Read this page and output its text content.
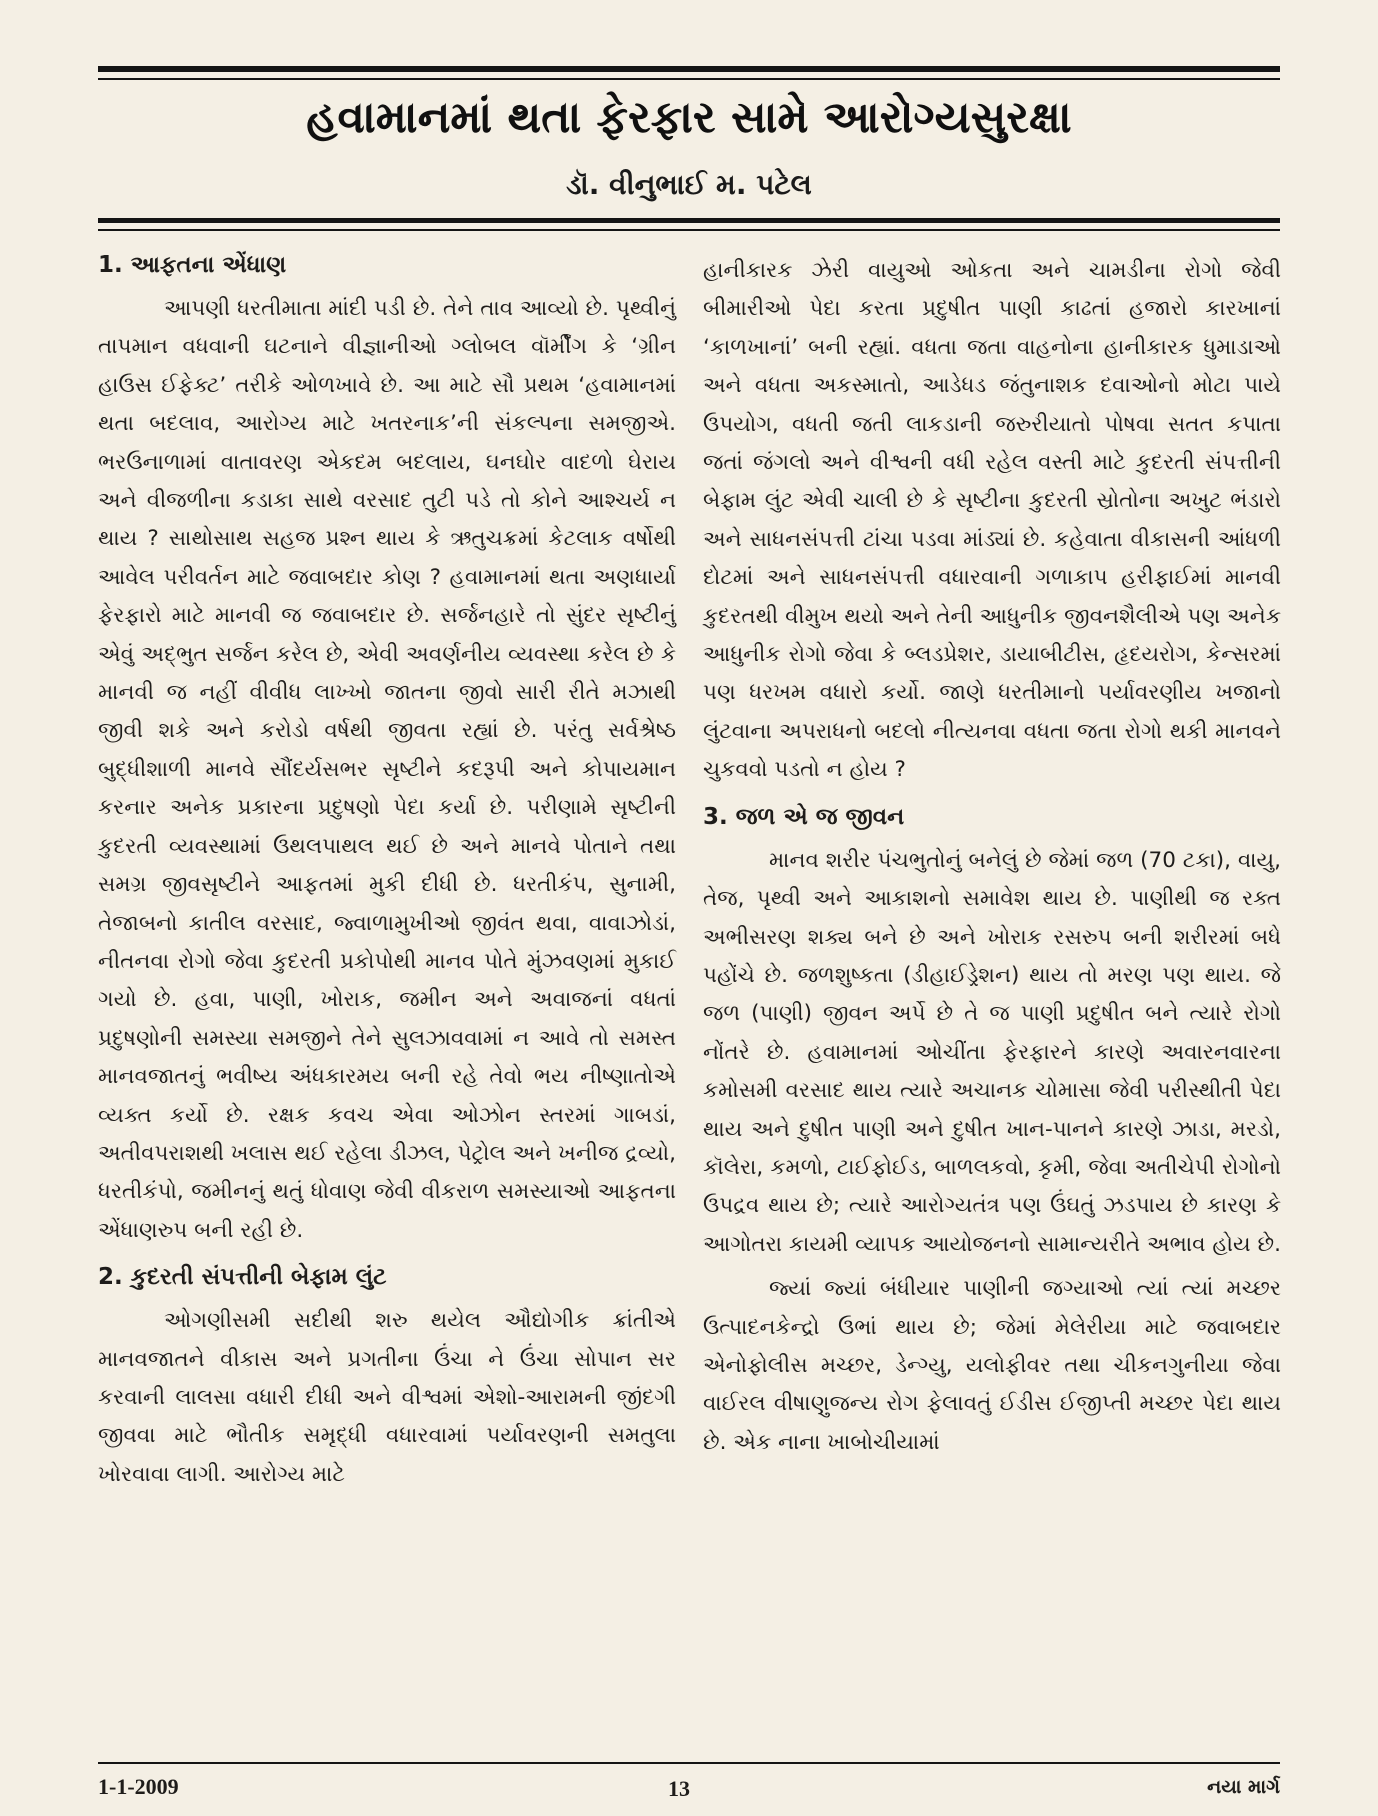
હવામાનમાં થતા ફેરફાર સામે આરોગ્યસુરક્ષા
ડૉ. વીનુભાઈ મ. પટેલ
1. આફતના એંધાણ

આપણી ધરતીમાતા માંદી પડી છે. તેને તાવ આવ્યો છે. પૃથ્વીનું તાપમાન વધવાની ઘટનાને વીજ્ઞાનીઓ ગ્લોબલ વૉર્મીંગ કે ‘ગ્રીન હાઉસ ઈફેક્ટ’ તરીકે ઓળખાવે છે. આ માટે સૌ પ્રથમ ‘હવામાનમાં થતા બદલાવ, આરોગ્ય માટે ખતરનાક’ની સંકલ્પના સમજીએ. ભરઉનાળામાં વાતાવરણ એકદમ બદલાય, ઘનઘોર વાદળો ઘેરાય અને વીજળીના કડાકા સાથે વરસાદ તુટી પડે તો કોને આશ્ચર્ય ન થાય ? સાથોસાથ સહજ પ્રશ્ન થાય કે ઋતુચક્રમાં કેટલાક વર્ષોથી આવેલ પરીવર્તન માટે જવાબદાર કોણ ? હવામાનમાં થતા અણધાર્યા ફેરફારો માટે માનવી જ જવાબદાર છે. સર્જનહારે તો સુંદર સૃષ્ટીનું એવું અદ્ભુત સર્જન કરેલ છે, એવી અવર્ણનીય વ્યવસ્થા કરેલ છે કે માનવી જ નહીં વીવીધ લાખ્ખો જાતના જીવો સારી રીતે મઝાથી જીવી શકે અને કરોડો વર્ષથી જીવતા રહ્યાં છે. પરંતુ સર્વશ્રેષ્ઠ બુદ્ધીશાળી માનવે સૌંદર્યસભર સૃષ્ટીને કદરૂપી અને કોપાયમાન કરનાર અનેક પ્રકારના પ્રદુષણો પેદા કર્યા છે. પરીણામે સૃષ્ટીની કુદરતી વ્યવસ્થામાં ઉથલપાથલ થઈ છે અને માનવે પોતાને તથા સમગ્ર જીવસૃષ્ટીને આફતમાં મુકી દીધી છે. ધરતીકંપ, સુનામી, તેજાબનો કાતીલ વરસાદ, જ્વાળામુખીઓ જીવંત થવા, વાવાઝોડાં, નીતનવા રોગો જેવા કુદરતી પ્રકોપોથી માનવ પોતે મુંઝવણમાં મુકાઈ ગયો છે. હવા, પાણી, ખોરાક, જમીન અને અવાજનાં વધતાં પ્રદુષણોની સમસ્યા સમજીને તેને સુલઝાવવામાં ન આવે તો સમસ્ત માનવજાતનું ભવીષ્ય અંધકારમય બની રહે તેવો ભય નીષ્ણાતોએ વ્યક્ત કર્યો છે. રક્ષક કવચ એવા ઓઝોન સ્તરમાં ગાબડાં, અતીવપરાશથી ખલાસ થઈ રહેલા ડીઝલ, પેટ્રોલ અને ખનીજ દ્રવ્યો, ધરતીકંપો, જમીનનું થતું ધોવાણ જેવી વીકરાળ સમસ્યાઓ આફતના એંધાણરુપ બની રહી છે.

2. કુદરતી સંપત્તીની બેફામ લુંટ

ઓગણીસમી સદીથી શરુ થયેલ ઔદ્યોગીક ક્રાંતીએ માનવજાતને વીકાસ અને પ્રગતીના ઉંચા ને ઉંચા સોપાન સર કરવાની લાલસા વધારી દીધી અને વીશ્વમાં એશો-આરામની જીંદગી જીવવા માટે ભૌતીક સમૃદ્ધી વધારવામાં પર્યાવરણની સમતુલા ખોરવાવા લાગી. આરોગ્ય માટે

હાનીકારક ઝેરી વાયુઓ ઓકતા અને ચામડીના રોગો જેવી બીમારીઓ પેદા કરતા પ્રદુષીત પાણી કાઢતાં હજારો કારખાનાં ‘કાળખાનાં’ બની રહ્યાં. વધતા જતા વાહનોના હાનીકારક ધુમાડાઓ અને વધતા અકસ્માતો, આડેધડ જંતુનાશક દવાઓનો મોટા પાયે ઉપયોગ, વધતી જતી લાકડાની જરુરીયાતો પોષવા સતત કપાતા જતાં જંગલો અને વીશ્વની વધી રહેલ વસ્તી માટે કુદરતી સંપત્તીની બેફામ લુંટ એવી ચાલી છે કે સૃષ્ટીના કુદરતી સ્રોતોના અખુટ ભંડારો અને સાધનસંપત્તી ટાંચા પડવા માંડ્યાં છે. કહેવાતા વીકાસની આંધળી દોટમાં અને સાધનસંપત્તી વધારવાની ગળાકાપ હરીફાઈમાં માનવી કુદરતથી વીમુખ થયો અને તેની આધુનીક જીવનશૈલીએ પણ અનેક આધુનીક રોગો જેવા કે બ્લડપ્રેશર, ડાયાબીટીસ, હૃદયરોગ, કેન્સરમાં પણ ધરખમ વધારો કર્યો. જાણે ધરતીમાનો પર્યાવરણીય ખજાનો લુંટવાના અપરાધનો બદલો નીત્યનવા વધતા જતા રોગો થકી માનવને ચુકવવો પડતો ન હોય ?

3. જળ એ જ જીવન

માનવ શરીર પંચભુતોનું બનેલું છે જેમાં જળ (70 ટકા), વાયુ, તેજ, પૃથ્વી અને આકાશનો સમાવેશ થાય છે. પાણીથી જ રક્ત અભીસરણ શક્ય બને છે અને ખોરાક રસરુપ બની શરીરમાં બધે પહોંચે છે. જળશુષ્કતા (ડીહાઈડ્રેશન) થાય તો મરણ પણ થાય. જે જળ (પાણી) જીવન અર્પે છે તે જ પાણી પ્રદુષીત બને ત્યારે રોગો નોંતરે છે. હવામાનમાં ઓચીંતા ફેરફારને કારણે અવારનવારના કમોસમી વરસાદ થાય ત્યારે અચાનક ચોમાસા જેવી પરીસ્થીતી પેદા થાય અને દુષીત પાણી અને દુષીત ખાન-પાનને કારણે ઝાડા, મરડો, કૉલેરા, કમળો, ટાઈફોઈડ, બાળલકવો, કૃમી, જેવા અતીચેપી રોગોનો ઉપદ્રવ થાય છે; ત્યારે આરોગ્યતંત્ર પણ ઉંઘતું ઝડપાય છે કારણ કે આગોતરા કાયમી વ્યાપક આયોજનનો સામાન્યરીતે અભાવ હોય છે.

જ્યાં જ્યાં બંધીયાર પાણીની જગ્યાઓ ત્યાં ત્યાં મચ્છર ઉત્પાદનકેન્દ્રો ઉભાં થાય છે; જેમાં મેલેરીયા માટે જવાબદાર એનોફોલીસ મચ્છર, ડેન્ગ્યુ, યલોફીવર તથા ચીકનગુનીયા જેવા વાઈરલ વીષાણુજન્ય રોગ ફેલાવતું ઈડીસ ઈજીપ્તી મચ્છર પેદા થાય છે. એક નાના ખાબોચીયામાં

1-1-2009	13	નયા માર્ગ
